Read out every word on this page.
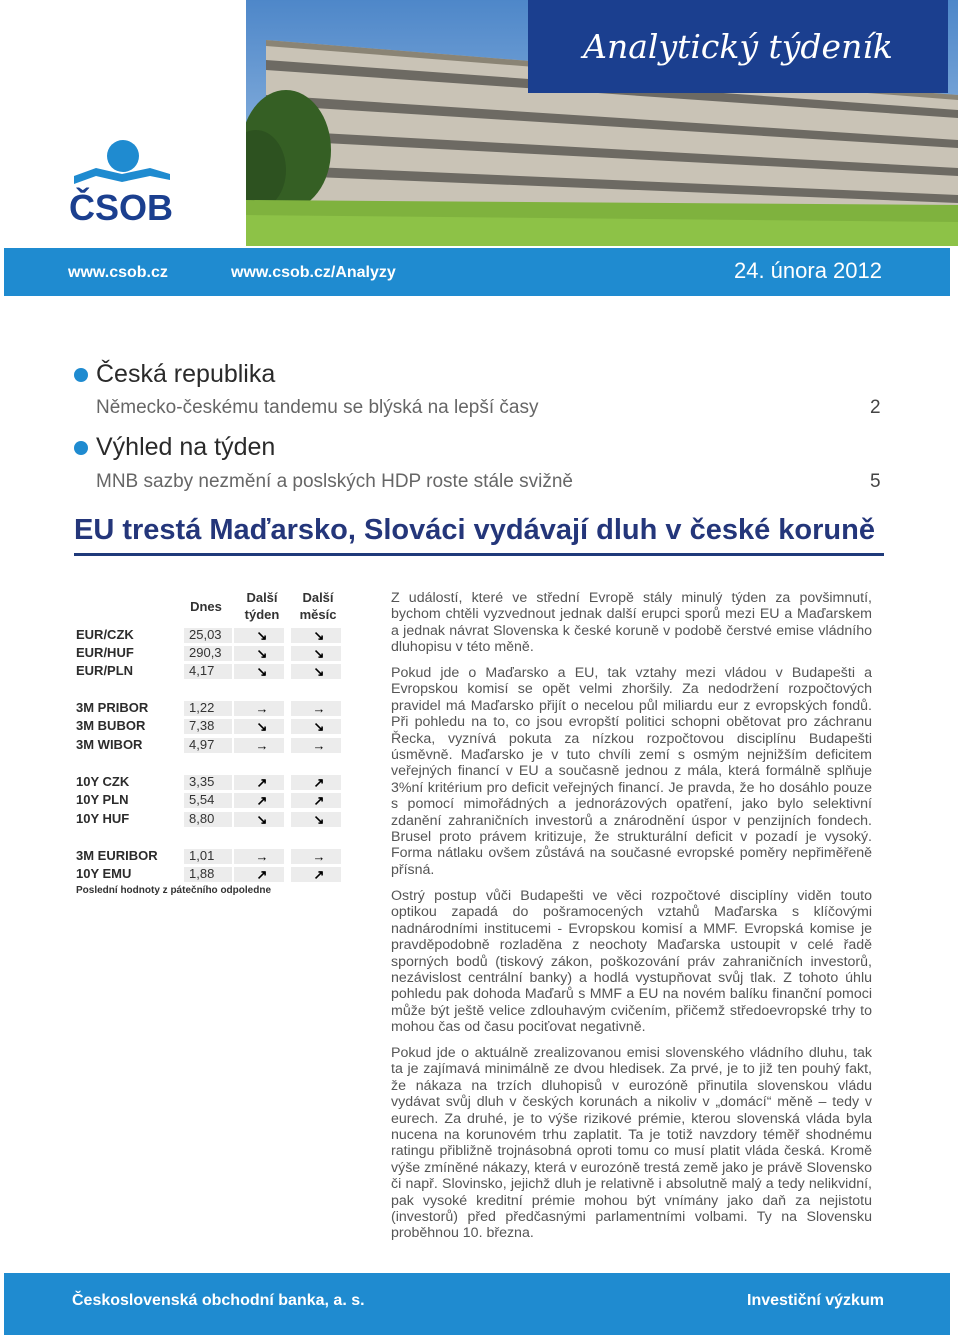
Analytický týdeník
ČSOB
www.csob.cz	www.csob.cz/Analyzy	24. února 2012
Česká republika
Německo-českému tandemu se blýská na lepší časy	2
Výhled na týden
MNB sazby nezmění a poslských HDP roste stále svižně	5
EU trestá Maďarsko, Slováci vydávají dluh v české koruně
Dnes
Další týden
Další měsíc
EUR/CZK	25,03	↘	↘
EUR/HUF	290,3	↘	↘
EUR/PLN	4,17	↘	↘
3M PRIBOR	1,22	→	→
3M BUBOR	7,38	↘	↘
3M WIBOR	4,97	→	→
10Y CZK	3,35	↗	↗
10Y PLN	5,54	↗	↗
10Y HUF	8,80	↘	↘
3M EURIBOR 1,01	→	→
10Y EMU	1,88	↗	↗
Poslední hodnoty z pátečního odpoledne

Z událostí, které ve střední Evropě stály minulý týden za povšimnutí, bychom chtěli vyzvednout jednak další erupci sporů mezi EU a Maďarskem a jednak návrat Slovenska k české koruně v podobě čerstvé emise vládního dluhopisu v této měně.

Pokud jde o Maďarsko a EU, tak vztahy mezi vládou v Budapešti a Evropskou komisí se opět velmi zhoršily. Za nedodržení rozpočtových pravidel má Maďarsko přijít o necelou půl miliardu eur z evropských fondů. Při pohledu na to, co jsou evropští politici schopni obětovat pro záchranu Řecka, vyznívá pokuta za nízkou rozpočtovou disciplínu Budapešti úsměvně. Maďarsko je v tuto chvíli zemí s osmým nejnižším deficitem veřejných financí v EU a současně jednou z mála, která formálně splňuje 3%ní kritérium pro deficit veřejných financí. Je pravda, že ho dosáhlo pouze s pomocí mimořádných a jednorázových opatření, jako bylo selektivní zdanění zahraničních investorů a znárodnění úspor v penzijních fondech. Brusel proto právem kritizuje, že strukturální deficit v pozadí je vysoký. Forma nátlaku ovšem zůstává na současné evropské poměry nepřiměřeně přísná.

Ostrý postup vůči Budapešti ve věci rozpočtové disciplíny viděn touto optikou zapadá do pošramocených vztahů Maďarska s klíčovými nadnárodními institucemi - Evropskou komisí a MMF. Evropská komise je pravděpodobně rozladěna z neochoty Maďarska ustoupit v celé řadě sporných bodů (tiskový zákon, poškozování práv zahraničních investorů, nezávislost centrální banky) a hodlá vystupňovat svůj tlak. Z tohoto úhlu pohledu pak dohoda Maďarů s MMF a EU na novém balíku finanční pomoci může být ještě velice zdlouhavým cvičením, přičemž středoevropské trhy to mohou čas od času pociťovat negativně.

Pokud jde o aktuálně zrealizovanou emisi slovenského vládního dluhu, tak ta je zajímavá minimálně ze dvou hledisek. Za prvé, je to již ten pouhý fakt, že nákaza na trzích dluhopisů v eurozóně přinutila slovenskou vládu vydávat svůj dluh v českých korunách a nikoliv v „domácí“ měně – tedy v eurech. Za druhé, je to výše rizikové prémie, kterou slovenská vláda byla nucena na korunovém trhu zaplatit. Ta je totiž navzdory téměř shodnému ratingu přibližně trojnásobná oproti tomu co musí platit vláda česká. Kromě výše zmíněné nákazy, která v eurozóně trestá země jako je právě Slovensko či např. Slovinsko, jejichž dluh je relativně i absolutně malý a tedy nelikvidní, pak vysoké kreditní prémie mohou být vnímány jako daň za nejistotu (investorů) před předčasnými parlamentními volbami. Ty na Slovensku proběhnou 10. března.

Československá obchodní banka, a. s.	Investiční výzkum
